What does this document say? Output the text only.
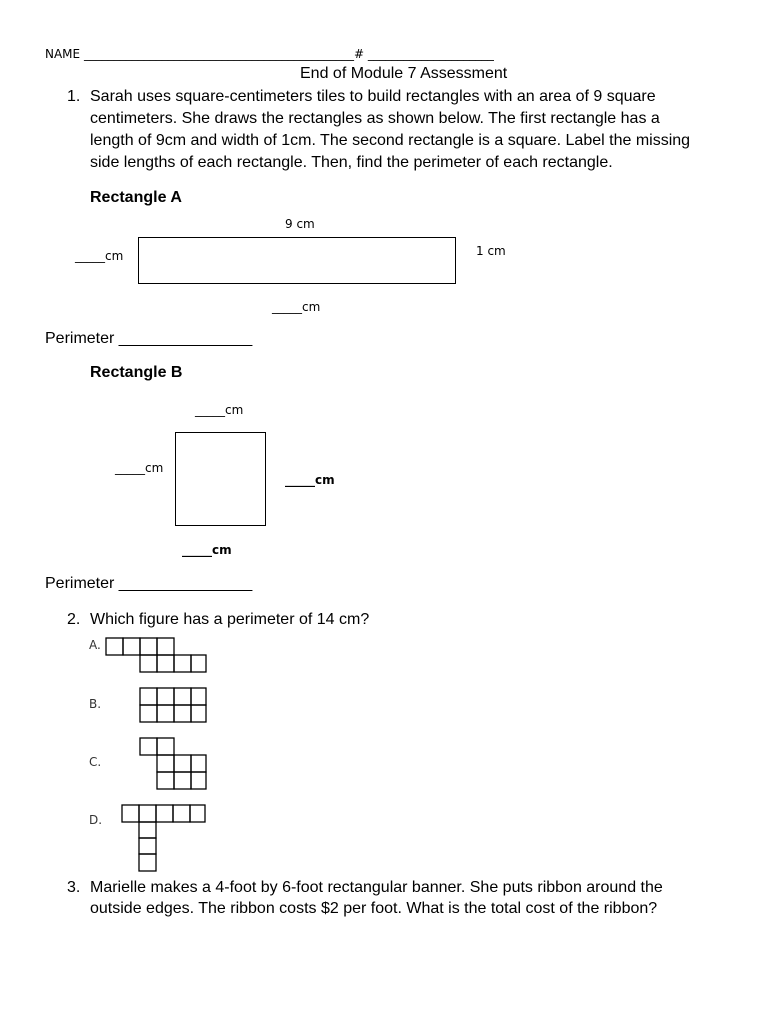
NAME _____________________________________________# _____________________
End of Module 7 Assessment
1. Sarah uses square-centimeters tiles to build rectangles with an area of 9 square
centimeters. She draws the rectangles as shown below. The first rectangle has a
length of 9cm and width of 1cm. The second rectangle is a square. Label the missing
side lengths of each rectangle. Then, find the perimeter of each rectangle.
Rectangle A
9 cm
_____cm	1 cm
_____cm
Perimeter _______________
Rectangle B
_____cm
_____cm
_____cm
_____cm
Perimeter _______________
2. Which figure has a perimeter of 14 cm?
A.
B.
C.
D.
3. Marielle makes a 4-foot by 6-foot rectangular banner. She puts ribbon around the
outside edges. The ribbon costs $2 per foot. What is the total cost of the ribbon?
